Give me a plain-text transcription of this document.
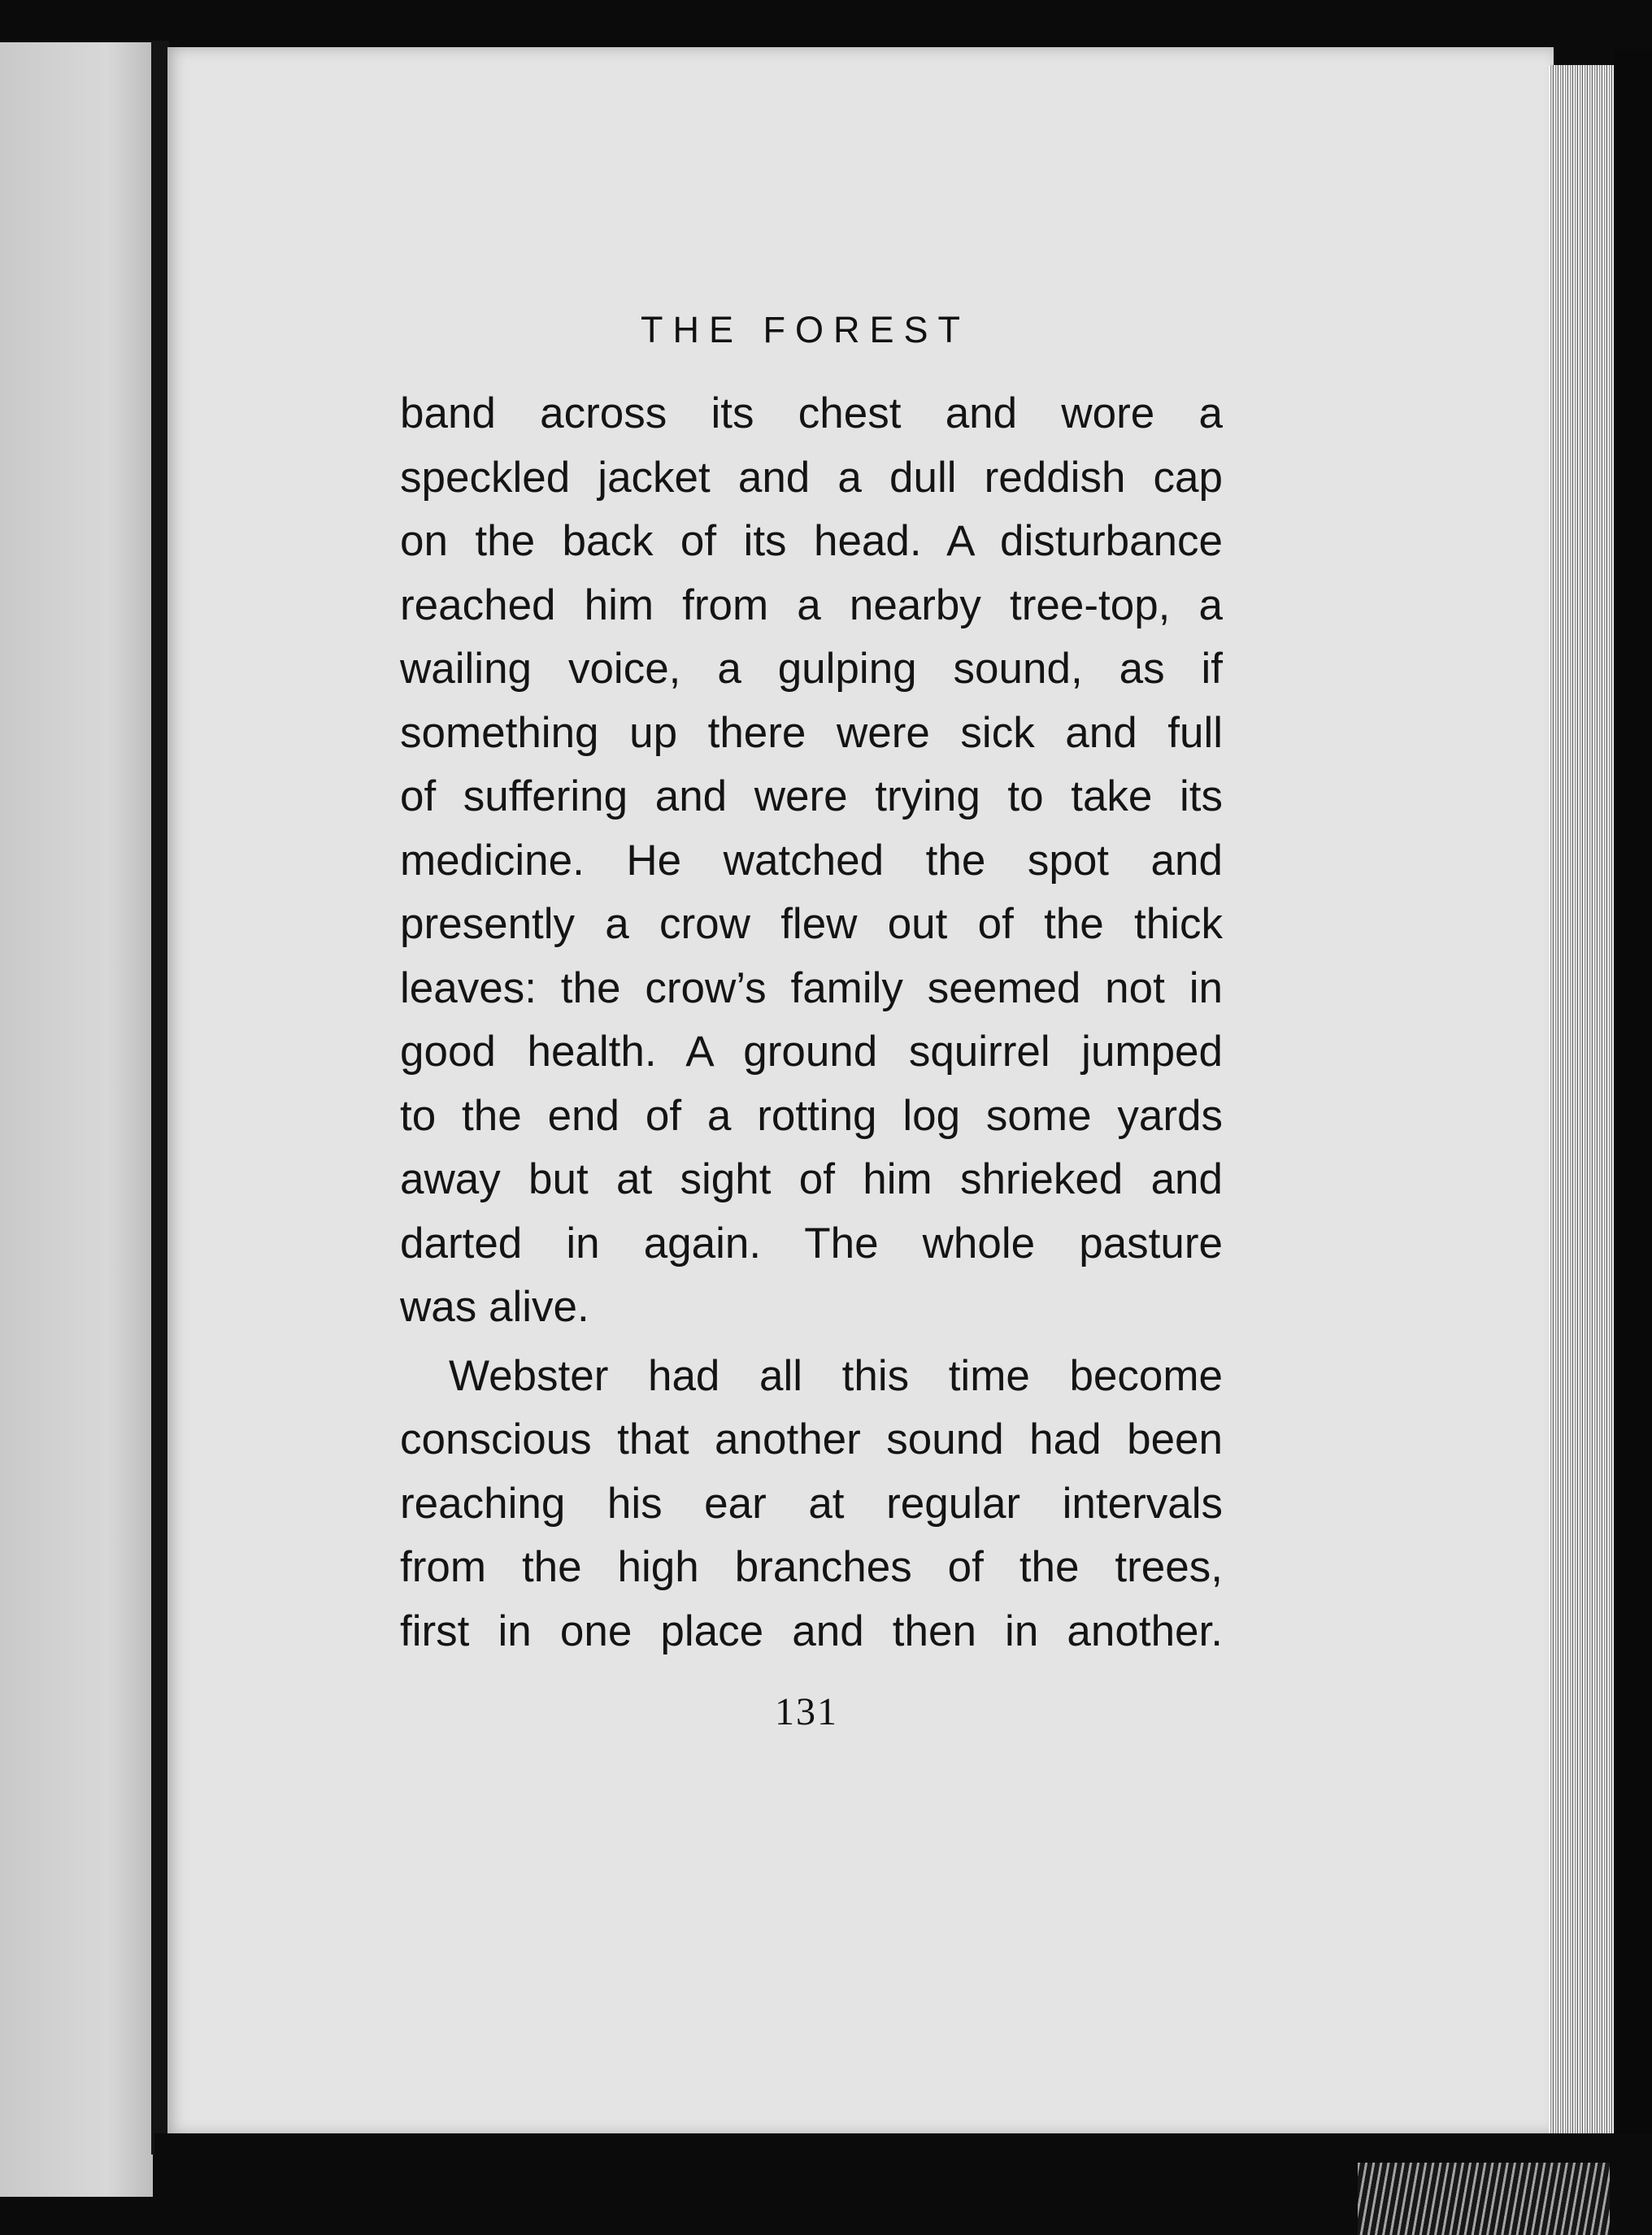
THE FOREST
band across its chest and wore a
speckled jacket and a dull reddish cap
on the back of its head. A disturbance
reached him from a nearby tree-top, a
wailing voice, a gulping sound, as if
something up there were sick and full
of suffering and were trying to take its
medicine. He watched the spot and
presently a crow flew out of the thick
leaves: the crow’s family seemed not in
good health. A ground squirrel jumped
to the end of a rotting log some yards
away but at sight of him shrieked and
darted in again. The whole pasture
was alive.
Webster had all this time become
conscious that another sound had been
reaching his ear at regular intervals
from the high branches of the trees,
first in one place and then in another.
131
